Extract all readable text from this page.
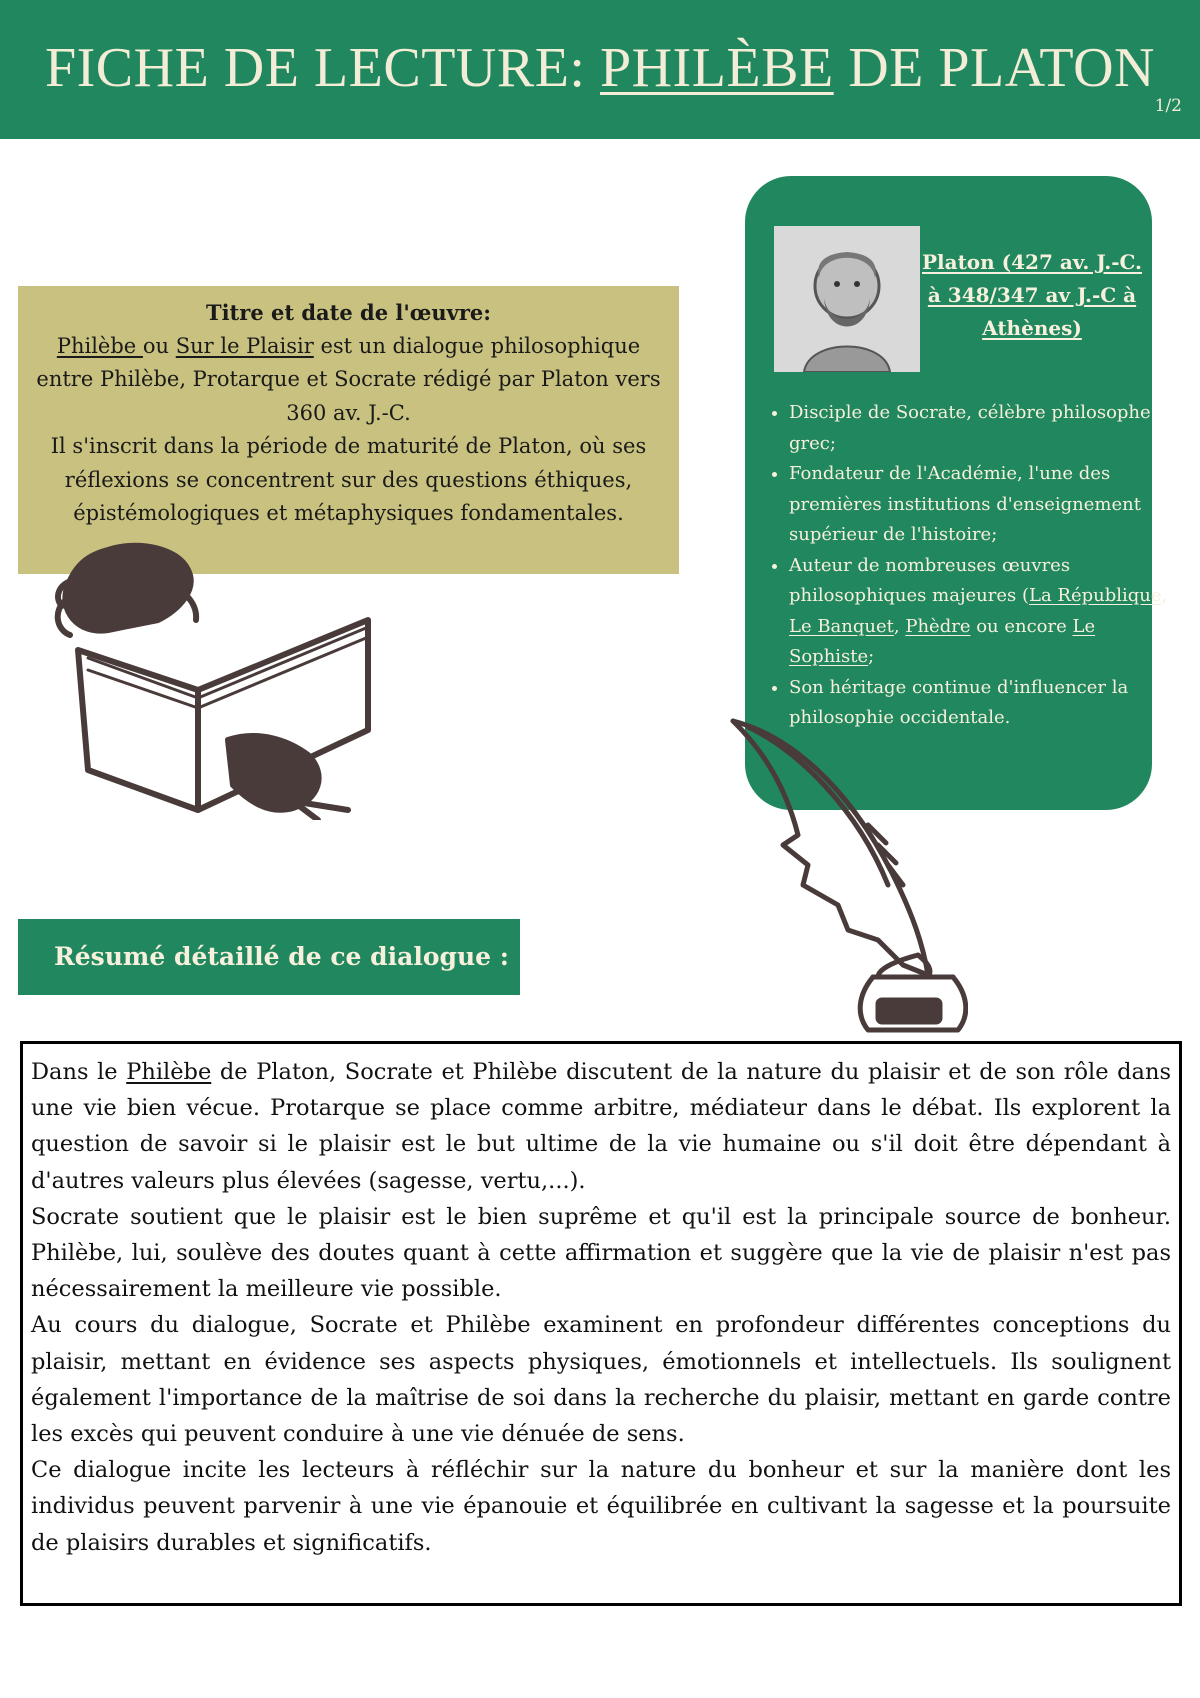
FICHE DE LECTURE: PHILÈBE DE PLATON
1/2
Titre et date de l'œuvre:
Philèbe ou Sur le Plaisir est un dialogue philosophique entre Philèbe, Protarque et Socrate rédigé par Platon vers 360 av. J.-C.
Il s'inscrit dans la période de maturité de Platon, où ses réflexions se concentrent sur des questions éthiques, épistémologiques et métaphysiques fondamentales.
Platon (427 av. J.-C. à 348/347 av J.-C à Athènes)
• Disciple de Socrate, célèbre philosophe grec;
• Fondateur de l'Académie, l'une des premières institutions d'enseignement supérieur de l'histoire;
• Auteur de nombreuses œuvres philosophiques majeures (La République, Le Banquet, Phèdre ou encore Le Sophiste;
• Son héritage continue d'influencer la philosophie occidentale.
Résumé détaillé de ce dialogue :

Dans le Philèbe de Platon, Socrate et Philèbe discutent de la nature du plaisir et de son rôle dans une vie bien vécue. Protarque se place comme arbitre, médiateur dans le débat. Ils explorent la question de savoir si le plaisir est le but ultime de la vie humaine ou s'il doit être dépendant à d'autres valeurs plus élevées (sagesse, vertu,...).

Socrate soutient que le plaisir est le bien suprême et qu'il est la principale source de bonheur. Philèbe, lui, soulève des doutes quant à cette affirmation et suggère que la vie de plaisir n'est pas nécessairement la meilleure vie possible.

Au cours du dialogue, Socrate et Philèbe examinent en profondeur différentes conceptions du plaisir, mettant en évidence ses aspects physiques, émotionnels et intellectuels. Ils soulignent également l'importance de la maîtrise de soi dans la recherche du plaisir, mettant en garde contre les excès qui peuvent conduire à une vie dénuée de sens.

Ce dialogue incite les lecteurs à réfléchir sur la nature du bonheur et sur la manière dont les individus peuvent parvenir à une vie épanouie et équilibrée en cultivant la sagesse et la poursuite de plaisirs durables et significatifs.
